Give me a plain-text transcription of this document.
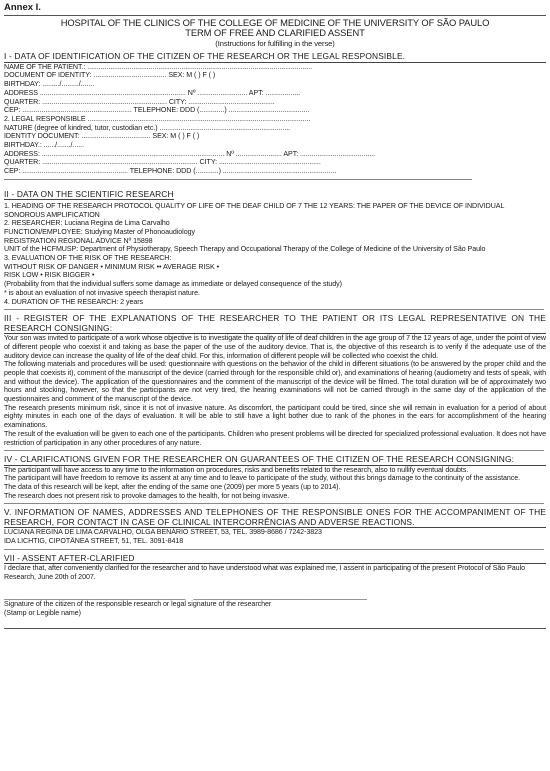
Annex I.
HOSPITAL OF THE CLINICS OF THE COLLEGE OF MEDICINE OF THE UNIVERSITY OF SÃO PAULO
TERM OF FREE AND CLARIFIED ASSENT
(Instructions for fulfilling in the verse)
I - DATA OF IDENTIFICATION OF THE CITIZEN OF THE RESEARCH OR THE LEGAL RESPONSIBLE.
NAME OF THE PATIENT.: .....................................................................................................................
DOCUMENT OF IDENTITY: ...................................... SEX: M ( ) F ( )
BIRTHDAY: ........./........./.......
ADDRESS ............................................................................ Nº .......................... APT: ..................
QUARTER: ................................................................. CITY: .............................................
CEP: ......................................................... TELEPHONE: DDD (.............) ..........................................
2. LEGAL RESPONSIBLE ....................................................................................................................
NATURE (degree of kindred, tutor, custodian etc.) ....................................................................
IDENTITY DOCUMENT: .................................... SEX: M ( ) F ( )
BIRTHDAY.: ....../......./......
ADDRESS: ............................................................................................... Nº ........................ APT: .......................................
QUARTER: ................................................................................. CITY: .....................................................
CEP: ....................................................... TELEPHONE: DDD (............) ...........................................................
II - DATA ON THE SCIENTIFIC RESEARCH
1. HEADING OF THE RESEARCH PROTOCOL QUALITY OF LIFE OF THE DEAF CHILD OF 7 THE 12 YEARS: THE PAPER OF THE DEVICE OF INDIVIDUAL SONOROUS AMPLIFICATION
2. RESEARCHER: Luciana Regina de Lima Carvalho
FUNCTION/EMPLOYEE: Studying Master of Phonoaudiology
REGISTRATION REGIONAL ADVICE Nº 15898
UNIT of the HCFMUSP: Department of Physiotherapy, Speech Therapy and Occupational Therapy of the College of Medicine of the University of São Paulo
3. EVALUATION OF THE RISK OF THE RESEARCH:
WITHOUT RISK OF DANGER • MINIMUM RISK •• AVERAGE RISK •
RISK LOW • RISK BIGGER •
(Probability from that the individual suffers some damage as immediate or delayed consequence of the study)
* is about an evaluation of not invasive speech therapist nature.
4. DURATION OF THE RESEARCH: 2 years
III - REGISTER OF THE EXPLANATIONS OF THE RESEARCHER TO THE PATIENT OR ITS LEGAL REPRESENTATIVE ON THE RESEARCH CONSIGNING:
Your son was invited to participate of a work whose objective is to investigate the quality of life of deaf children in the age group of 7 the 12 years of age, under the point of view of different people who coexist it and taking as base the paper of the use of the auditory device. That is, the objective of this research is to verify if the adequate use of the auditory device can increase the quality of life of the deaf child. For this, information of different people will be collected who coexist the child.
The following materials and procedures will be used: questionnaire with questions on the behavior of the child in different situations (to be answered by the proper child and the people that coexists it), comment of the manuscript of the device (carried through for the responsible child or), and examinations of hearing (audiometry and tests of speak, with and without the device). The application of the questionnaires and the comment of the manuscript of the device will be filmed. The total duration will be of approximately two hours and stocking, however, so that the participants are not very tired, the hearing examinations will not be carried through in the same day of the application of the questionnaires and comment of the manuscript of the device.
The research presents minimum risk, since it is not of invasive nature. As discomfort, the participant could be tired, since she will remain in evaluation for a period of about eighty minutes in each one of the days of evaluation. It will be able to still have a light bother due to rank of the phones in the ears for accomplishment of the hearing examinations.
The result of the evaluation will be given to each one of the participants. Children who present problems will be directed for specialized professional evaluation. It does not have restriction of participation in any other procedures of any nature.
IV - CLARIFICATIONS GIVEN FOR THE RESEARCHER ON GUARANTEES OF THE CITIZEN OF THE RESEARCH CONSIGNING:
The participant will have access to any time to the information on procedures, risks and benefits related to the research, also to nullify eventual doubts.
The participant will have freedom to remove its assent at any time and to leave to participate of the study, without this brings damage to the continuity of the assistance.
The data of this research will be kept, after the ending of the same one (2009) per more 5 years (up to 2014).
The research does not present risk to provoke damages to the health, for not being invasive.
V. INFORMATION OF NAMES, ADDRESSES AND TELEPHONES OF THE RESPONSIBLE ONES FOR THE ACCOMPANIMENT OF THE RESEARCH, FOR CONTACT IN CASE OF CLINICAL INTERCORRÊNCIAS AND ADVERSE REACTIONS.
LUCIANA REGINA DE LIMA CARVALHO, OLGA BENÁRIO STREET, 53, TEL. 3989-8686 / 7242-3823
IDA LICHTIG, CIPOTÂNEA STREET, 51, TEL. 3091-8418
VII - ASSENT AFTER-CLARIFIED
I declare that, after conveniently clarified for the researcher and to have understood what was explained me, I assent in participating of the present Protocol of São Paulo
Research, June 20th of 2007.
______________________________________________ ____________________________________________
Signature of the citizen of the responsible research or legal signature of the researcher
(Stamp or Legible name)
